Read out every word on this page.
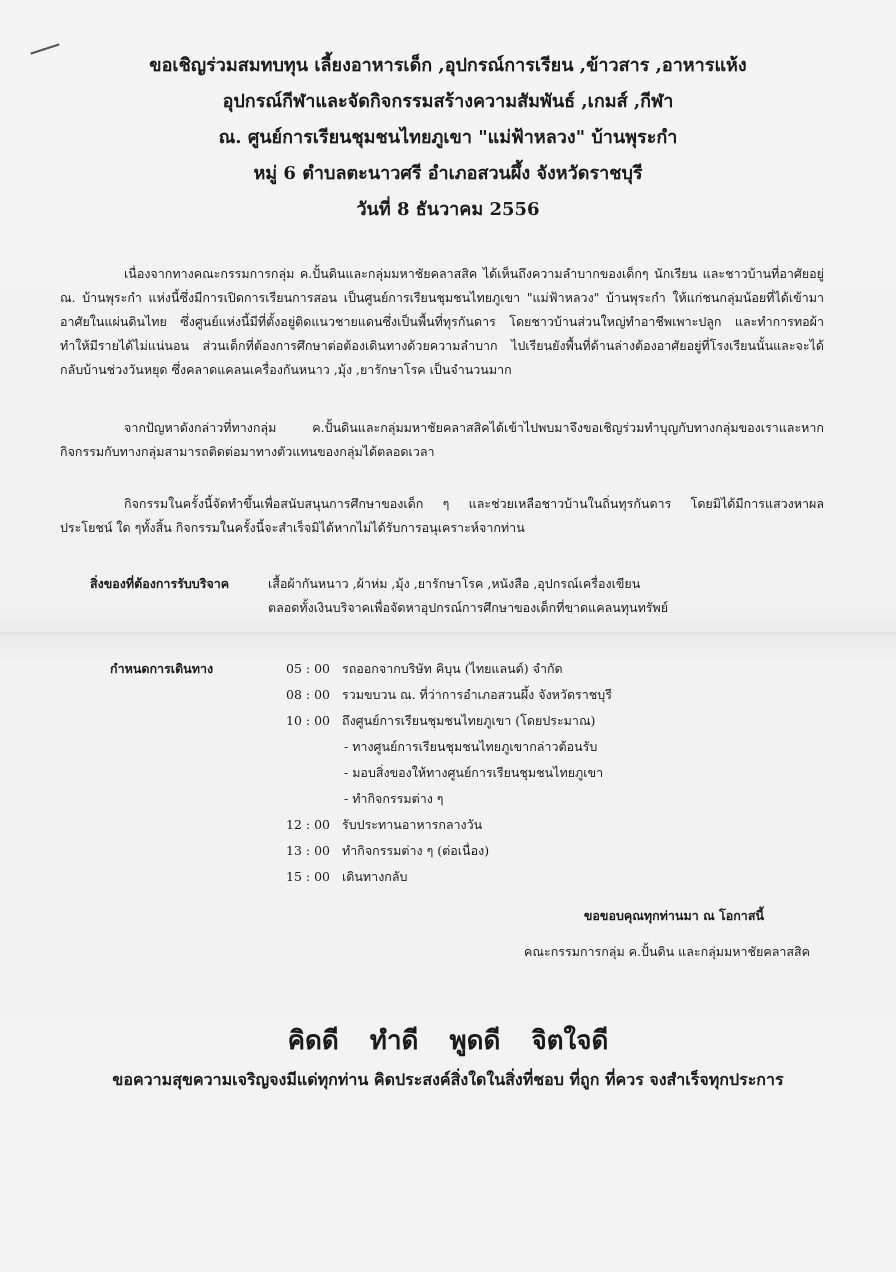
ขอเชิญร่วมสมทบทุน เลี้ยงอาหารเด็ก ,อุปกรณ์การเรียน ,ข้าวสาร ,อาหารแห้ง
อุปกรณ์กีฬาและจัดกิจกรรมสร้างความสัมพันธ์ ,เกมส์ ,กีฬา
ณ. ศูนย์การเรียนชุมชนไทยภูเขา "แม่ฟ้าหลวง" บ้านพุระกำ
หมู่ 6 ตำบลตะนาวศรี อำเภอสวนผึ้ง จังหวัดราชบุรี
วันที่ 8 ธันวาคม 2556
เนื่องจากทางคณะกรรมการกลุ่ม ค.ปั้นดินและกลุ่มมหาชัยคลาสสิค ได้เห็นถึงความลำบากของเด็กๆ นักเรียน และชาวบ้านที่อาศัยอยู่ ณ. บ้านพุระกำ แห่งนี้ซึ่งมีการเปิดการเรียนการสอน เป็นศูนย์การเรียนชุมชนไทยภูเขา "แม่ฟ้าหลวง" บ้านพุระกำ ให้แก่ชนกลุ่มน้อยที่ได้เข้ามาอาศัยในแผ่นดินไทย ซึ่งศูนย์แห่งนี้มีที่ตั้งอยู่ติดแนวชายแดนซึ่งเป็นพื้นที่ทุรกันดาร โดยชาวบ้านส่วนใหญ่ทำอาชีพเพาะปลูก และทำการทอผ้าทำให้มีรายได้ไม่แน่นอน ส่วนเด็กที่ต้องการศึกษาต่อต้องเดินทางด้วยความลำบาก ไปเรียนยังพื้นที่ด้านล่างต้องอาศัยอยู่ที่โรงเรียนนั้นและจะได้กลับบ้านช่วงวันหยุด ซึ่งคลาดแคลนเครื่องกันหนาว ,มุ้ง ,ยารักษาโรค เป็นจำนวนมาก
จากปัญหาดังกล่าวที่ทางกลุ่ม ค.ปั้นดินและกลุ่มมหาชัยคลาสสิคได้เข้าไปพบมาจึงขอเชิญร่วมทำบุญกับทางกลุ่มของเราและหากกิจกรรมกับทางกลุ่มสามารถติดต่อมาทางตัวแทนของกลุ่มได้ตลอดเวลา
กิจกรรมในครั้งนี้จัดทำขึ้นเพื่อสนับสนุนการศึกษาของเด็ก ๆ และช่วยเหลือชาวบ้านในถิ่นทุรกันดาร โดยมิได้มีการแสวงหาผลประโยชน์ ใด ๆทั้งสิ้น กิจกรรมในครั้งนี้จะสำเร็จมิได้หากไม่ได้รับการอนุเคราะห์จากท่าน
สิ่งของที่ต้องการรับบริจาค	เสื้อผ้ากันหนาว ,ผ้าห่ม ,มุ้ง ,ยารักษาโรค ,หนังสือ ,อุปกรณ์เครื่องเขียน
ตลอดทั้งเงินบริจาคเพื่อจัดหาอุปกรณ์การศึกษาของเด็กที่ขาดแคลนทุนทรัพย์
กำหนดการเดินทาง	05 : 00 รถออกจากบริษัท คิบุน (ไทยแลนด์) จำกัด
08 : 00 รวมขบวน ณ. ที่ว่าการอำเภอสวนผึ้ง จังหวัดราชบุรี
10 : 00 ถึงศูนย์การเรียนชุมชนไทยภูเขา (โดยประมาณ)
- ทางศูนย์การเรียนชุมชนไทยภูเขากล่าวต้อนรับ
- มอบสิ่งของให้ทางศูนย์การเรียนชุมชนไทยภูเขา
- ทำกิจกรรมต่าง ๆ
12 : 00 รับประทานอาหารกลางวัน
13 : 00 ทำกิจกรรมต่าง ๆ (ต่อเนื่อง)
15 : 00 เดินทางกลับ
ขอขอบคุณทุกท่านมา ณ โอกาสนี้
คณะกรรมการกลุ่ม ค.ปั้นดิน และกลุ่มมหาชัยคลาสสิค
คิดดี ทำดี พูดดี จิตใจดี
ขอความสุขความเจริญจงมีแด่ทุกท่าน คิดประสงค์สิ่งใดในสิ่งที่ชอบ ที่ถูก ที่ควร จงสำเร็จทุกประการ
